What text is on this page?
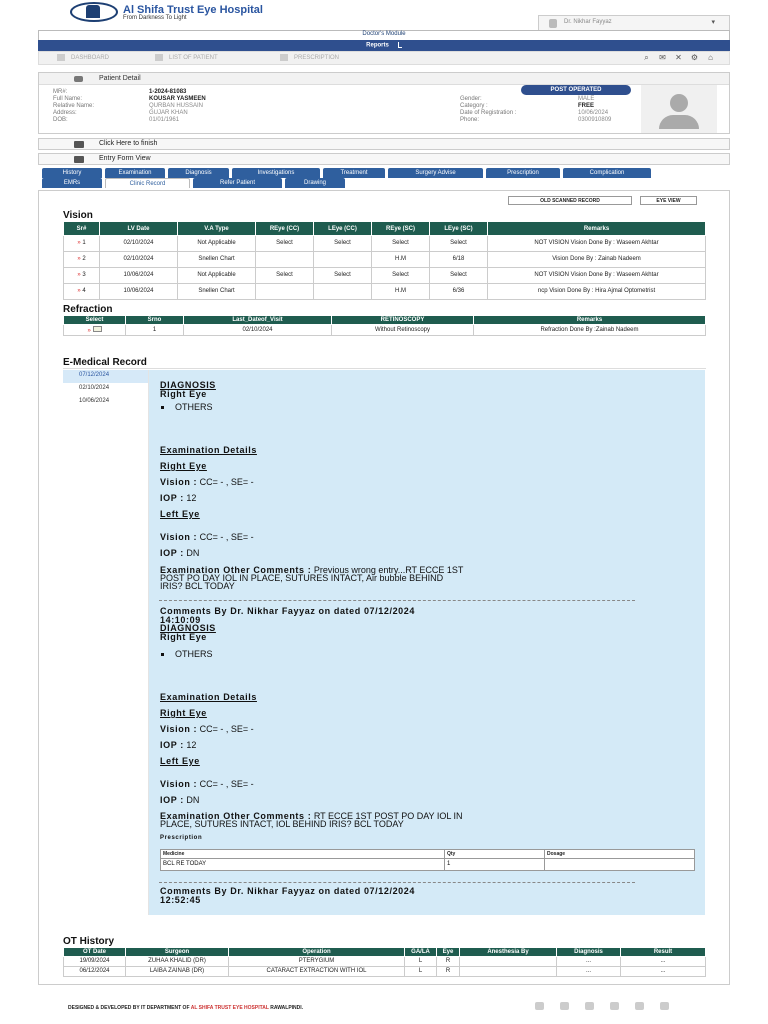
Al Shifa Trust Eye Hospital
From Darkness To Light
Dr. Nikhar Fayyaz	▾
Doctor's Module
Reports
DASHBOARD	LIST OF PATIENT	PRESCRIPTION	⌕ ✉ ✕ ⚙ ⌂
Patient Detail
MR#:	1-2024-81083
Full Name:	KOUSAR YASMEEN
Relative Name:	QURBAN HUSSAIN
Address:	GUJAR KHAN
DOB:	01/01/1961
POST OPERATED
Gender:	MALE
Category :	FREE
Date of Registration :	10/06/2024
Phone:	0300910809
Click Here to finish
Entry Form View
History	Examination	Diagnosis	Investigations	Treatment	Surgery Advise	Prescription	Complication
EMRs	Clinic Record	Refer Patient	Drawing
OLD SCANNED RECORD	EYE VIEW
Vision
Sr#	LV Date	V.A Type	REye (CC)	LEye (CC)	REye (SC)	LEye (SC)	Remarks
» 1	02/10/2024	Not Applicable	Select	Select	Select	Select	NOT VISION Vision Done By : Waseem Akhtar
» 2	02/10/2024	Snellen Chart			H.M	6/18	Vision Done By : Zainab Nadeem
» 3	10/06/2024	Not Applicable	Select	Select	Select	Select	NOT VISION Vision Done By : Waseem Akhtar
» 4	10/06/2024	Snellen Chart			H.M	6/36	ncp Vision Done By : Hira Ajmal Optometrist
Refraction
Select	Srno	Last_Dateof_Visit	RETINOSCOPY	Remarks
»	1	02/10/2024	Without Retinoscopy	Refraction Done By :Zainab Nadeem
E-Medical Record
07/12/2024
02/10/2024
10/06/2024
DIAGNOSIS
Right Eye
OTHERS
Examination Details
Right Eye
Vision : CC= - , SE= -
IOP : 12
Left Eye
Vision : CC= - , SE= -
IOP : DN
Examination Other Comments : Previous wrong entry...RT ECCE 1ST
POST PO DAY IOL IN PLACE, SUTURES INTACT, Air bubble BEHIND
IRIS? BCL TODAY
Comments By Dr. Nikhar Fayyaz on dated 07/12/2024
14:10:09
DIAGNOSIS
Right Eye
OTHERS
Examination Details
Right Eye
Vision : CC= - , SE= -
IOP : 12
Left Eye
Vision : CC= - , SE= -
IOP : DN
Examination Other Comments : RT ECCE 1ST POST PO DAY IOL IN
PLACE, SUTURES INTACT, IOL BEHIND IRIS? BCL TODAY
Prescription
Medicine	Qty	Dosage
BCL RE TODAY	1	
Comments By Dr. Nikhar Fayyaz on dated 07/12/2024
12:52:45
OT History
OT Date	Surgeon	Operation	GA/LA	Eye	Anesthesia By	Diagnosis	Result
19/09/2024	ZUHAA KHALID (DR)	PTERYGIUM	L	R		...	...
06/12/2024	LAIBA ZAINAB (DR)	CATARACT EXTRACTION WITH IOL	L	R		...	...
DESIGNED & DEVELOPED BY IT DEPARTMENT OF AL SHIFA TRUST EYE HOSPITAL RAWALPINDI.
